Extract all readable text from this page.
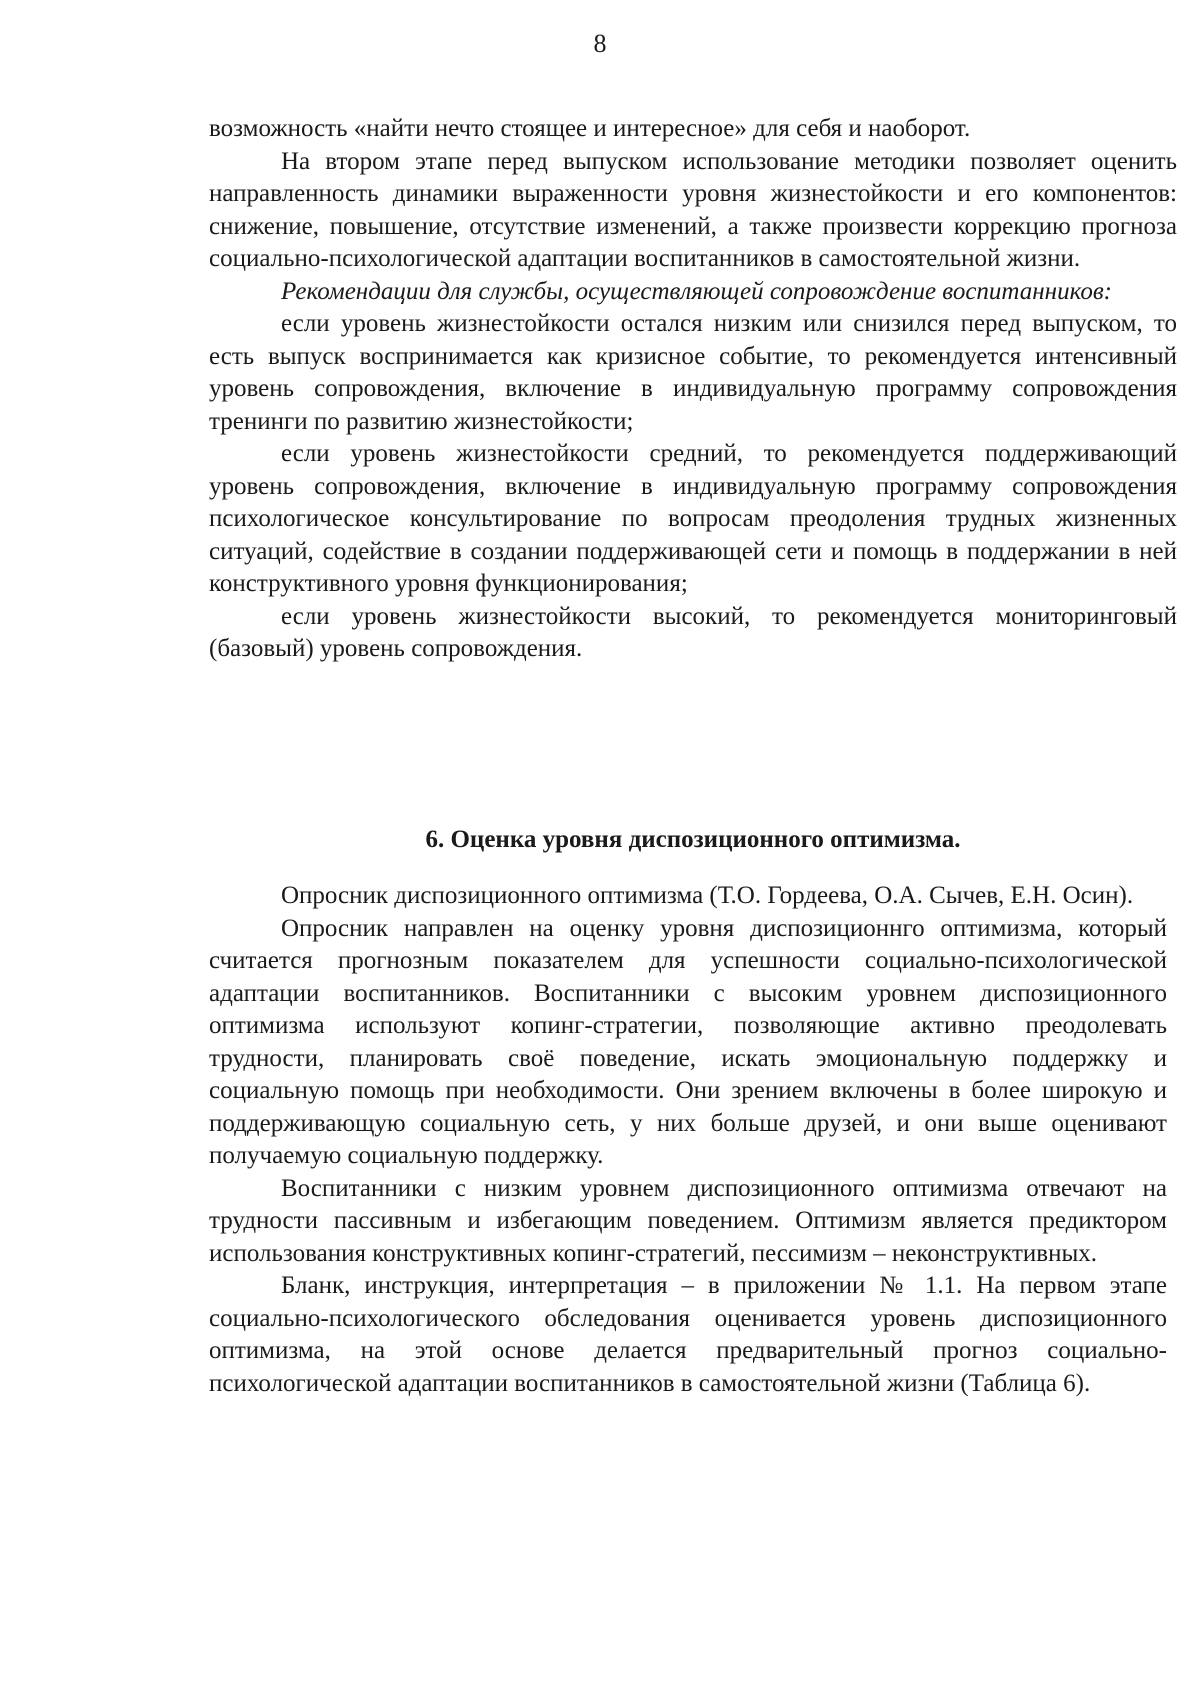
8

возможность «найти нечто стоящее и интересное» для себя и наоборот.

На втором этапе перед выпуском использование методики позволяет оценить направленность динамики выраженности уровня жизнестойкости и его компонентов: снижение, повышение, отсутствие изменений, а также произвести коррекцию прогноза социально-психологической адаптации воспитанников в самостоятельной жизни.

Рекомендации для службы, осуществляющей сопровождение воспитанников:

если уровень жизнестойкости остался низким или снизился перед выпуском, то есть выпуск воспринимается как кризисное событие, то рекомендуется интенсивный уровень сопровождения, включение в индивидуальную программу сопровождения тренинги по развитию жизнестойкости;

если уровень жизнестойкости средний, то рекомендуется поддерживающий уровень сопровождения, включение в индивидуальную программу сопровождения психологическое консультирование по вопросам преодоления трудных жизненных ситуаций, содействие в создании поддерживающей сети и помощь в поддержании в ней конструктивного уровня функционирования;

если уровень жизнестойкости высокий, то рекомендуется мониторинговый (базовый) уровень сопровождения.

6. Оценка уровня диспозиционного оптимизма.

Опросник диспозиционного оптимизма (Т.О. Гордеева, О.А. Сычев, Е.Н. Осин).

Опросник направлен на оценку уровня диспозиционнго оптимизма, который считается прогнозным показателем для успешности социально-психологической адаптации воспитанников. Воспитанники с высоким уровнем диспозиционного оптимизма используют копинг-стратегии, позволяющие активно преодолевать трудности, планировать своё поведение, искать эмоциональную поддержку и социальную помощь при необходимости. Они зрением включены в более широкую и поддерживающую социальную сеть, у них больше друзей, и они выше оценивают получаемую социальную поддержку.

Воспитанники с низким уровнем диспозиционного оптимизма отвечают на трудности пассивным и избегающим поведением. Оптимизм является предиктором использования конструктивных копинг-стратегий, пессимизм – неконструктивных.

Бланк, инструкция, интерпретация – в приложении № 1.1. На первом этапе социально-психологического обследования оценивается уровень диспозиционного оптимизма, на этой основе делается предварительный прогноз социально-психологической адаптации воспитанников в самостоятельной жизни (Таблица 6).
